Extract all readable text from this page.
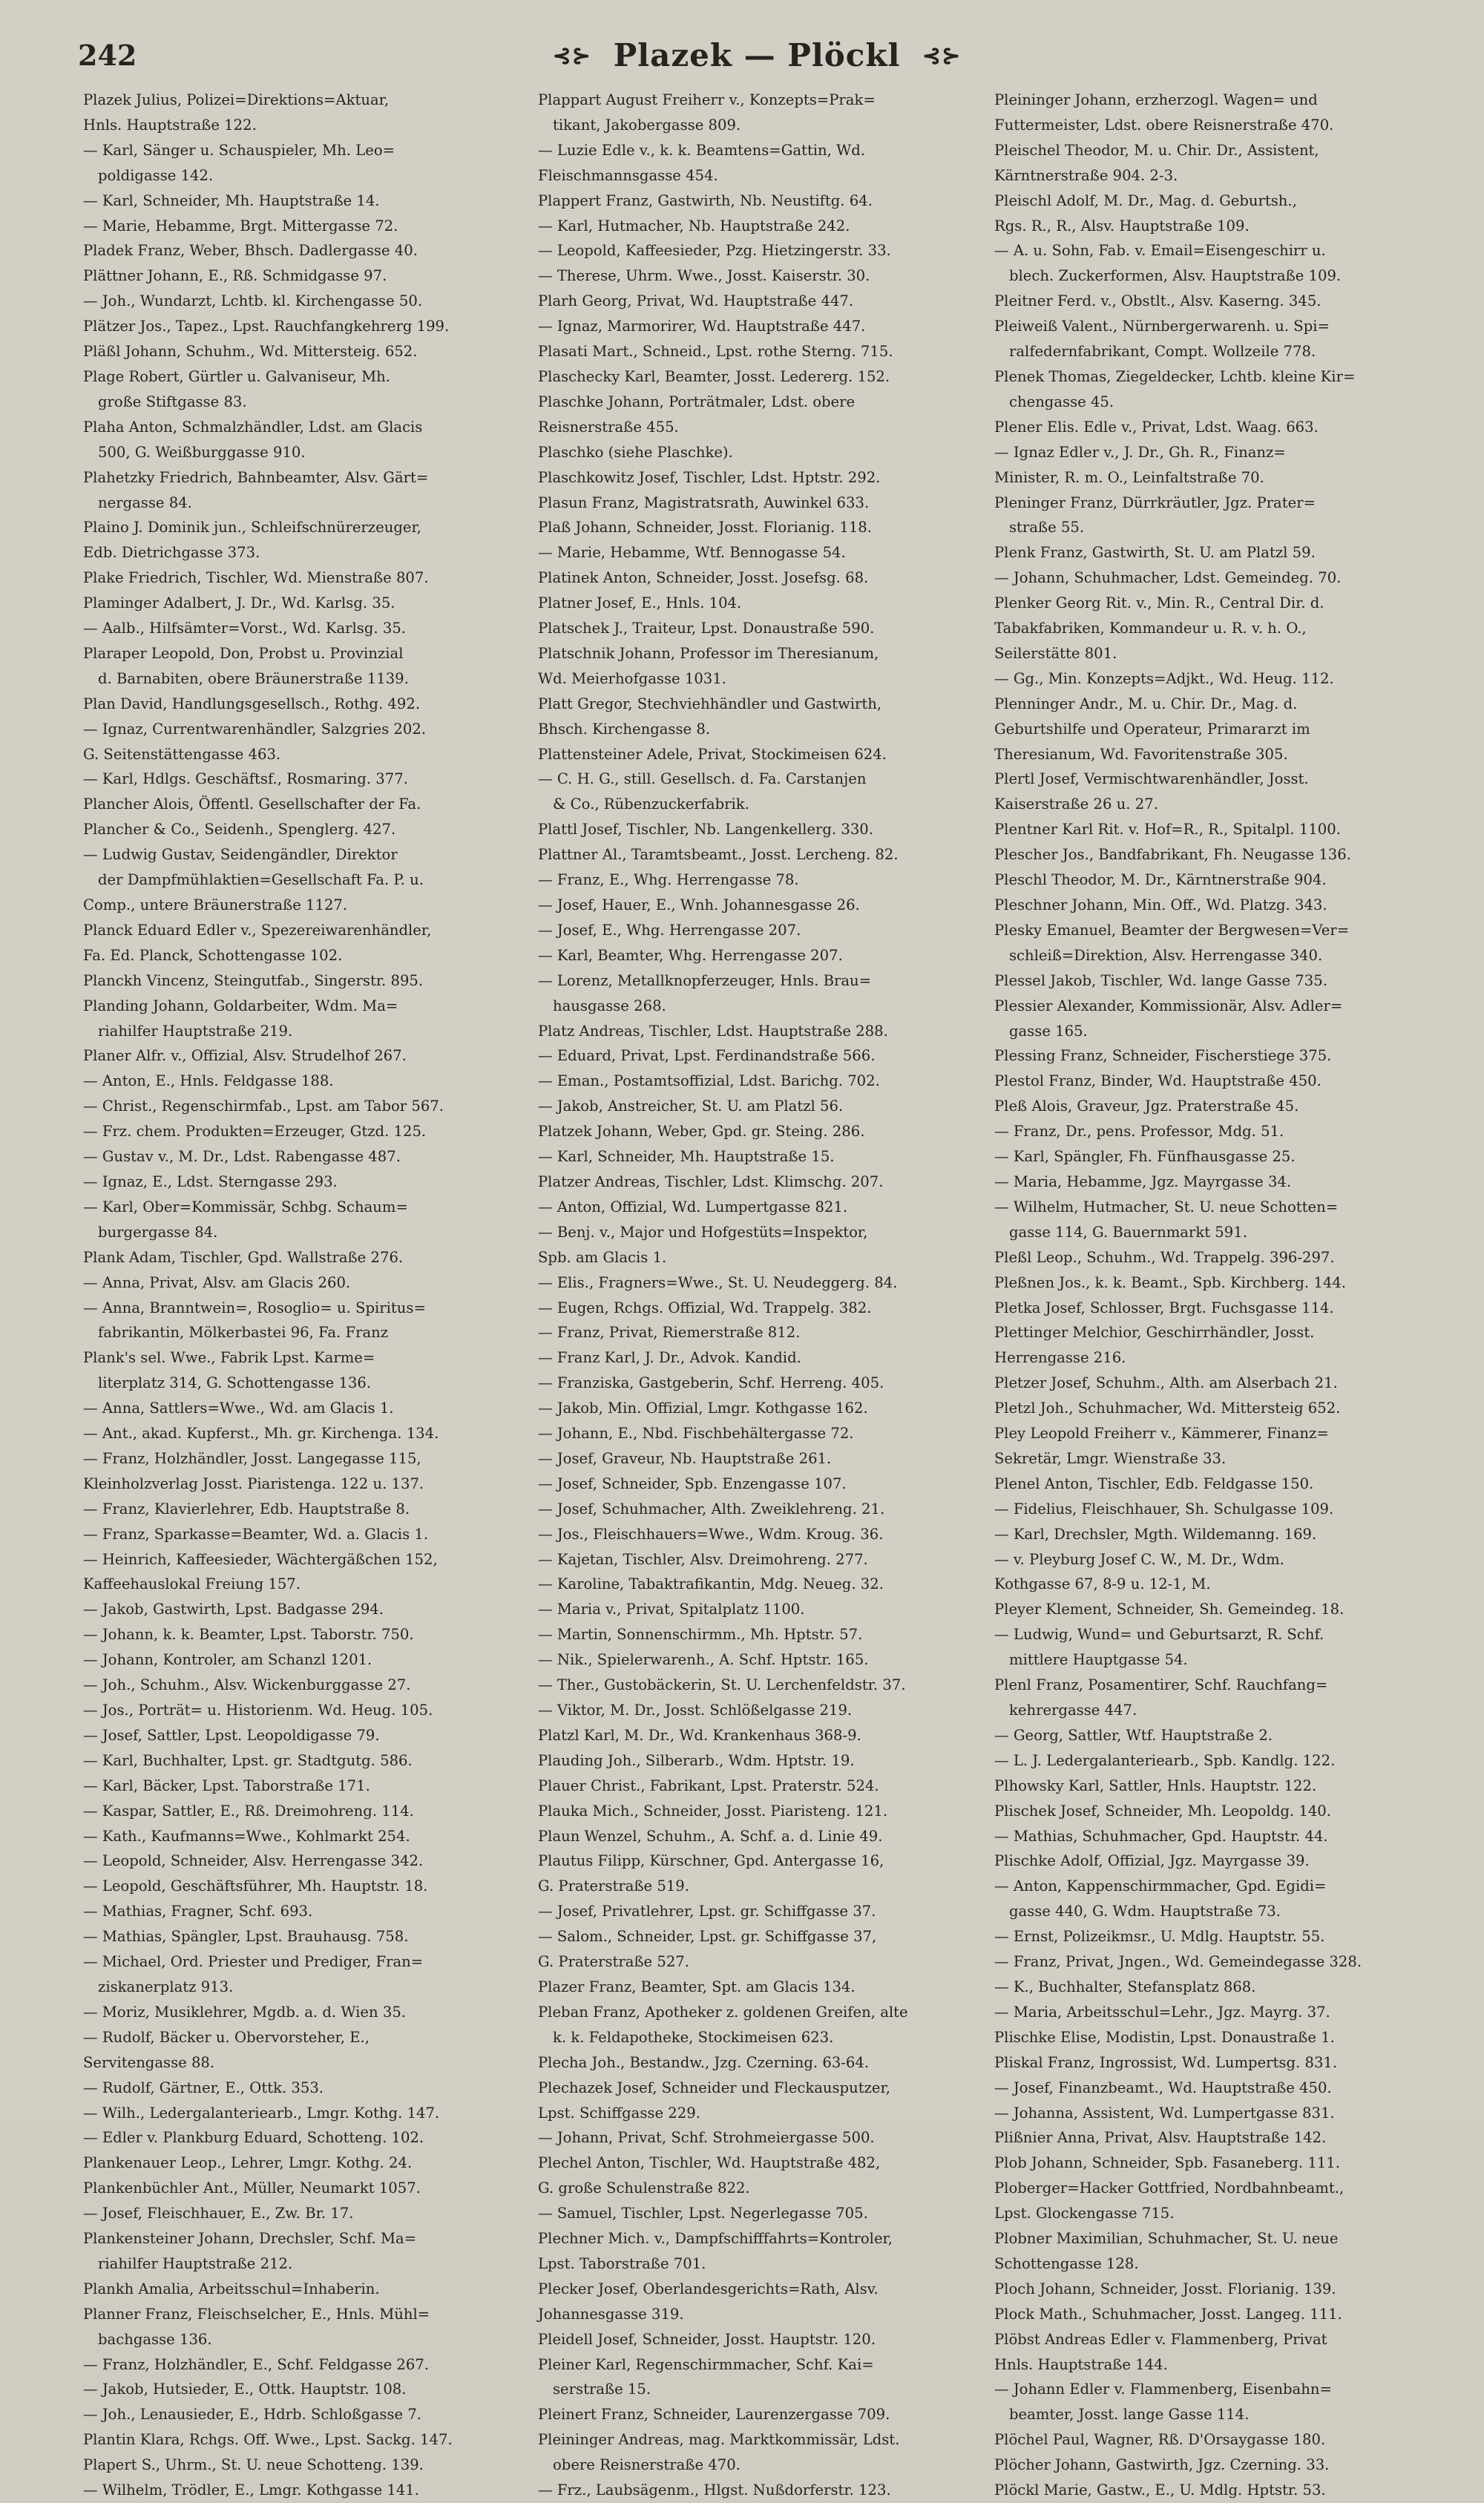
242	⊰⊱ Plazek — Plöckl ⊰⊱
Plazek Julius, Polizei=Direktions=Aktuar,
Hnls. Hauptstraße 122.
— Karl, Sänger u. Schauspieler, Mh. Leo=
poldigasse 142.
— Karl, Schneider, Mh. Hauptstraße 14.
— Marie, Hebamme, Brgt. Mittergasse 72.
Pladek Franz, Weber, Bhsch. Dadlergasse 40.
Plättner Johann, E., Rß. Schmidgasse 97.
— Joh., Wundarzt, Lchtb. kl. Kirchengasse 50.
Plätzer Jos., Tapez., Lpst. Rauchfangkehrerg 199.
Pläßl Johann, Schuhm., Wd. Mittersteig. 652.
Plage Robert, Gürtler u. Galvaniseur, Mh.
große Stiftgasse 83.
Plaha Anton, Schmalzhändler, Ldst. am Glacis
500, G. Weißburggasse 910.
Plahetzky Friedrich, Bahnbeamter, Alsv. Gärt=
nergasse 84.
Plaino J. Dominik jun., Schleifschnürerzeuger,
Edb. Dietrichgasse 373.
Plake Friedrich, Tischler, Wd. Mienstraße 807.
Plaminger Adalbert, J. Dr., Wd. Karlsg. 35.
— Aalb., Hilfsämter=Vorst., Wd. Karlsg. 35.
Plaraper Leopold, Don, Probst u. Provinzial
d. Barnabiten, obere Bräunerstraße 1139.
Plan David, Handlungsgesellsch., Rothg. 492.
— Ignaz, Currentwarenhändler, Salzgries 202.
G. Seitenstättengasse 463.
— Karl, Hdlgs. Geschäftsf., Rosmaring. 377.
Plancher Alois, Öffentl. Gesellschafter der Fa.
Plancher & Co., Seidenh., Spenglerg. 427.
— Ludwig Gustav, Seidengändler, Direktor
der Dampfmühlaktien=Gesellschaft Fa. P. u.
Comp., untere Bräunerstraße 1127.
Planck Eduard Edler v., Spezereiwarenhändler,
Fa. Ed. Planck, Schottengasse 102.
Planckh Vincenz, Steingutfab., Singerstr. 895.
Planding Johann, Goldarbeiter, Wdm. Ma=
riahilfer Hauptstraße 219.
Planer Alfr. v., Offizial, Alsv. Strudelhof 267.
— Anton, E., Hnls. Feldgasse 188.
— Christ., Regenschirmfab., Lpst. am Tabor 567.
— Frz. chem. Produkten=Erzeuger, Gtzd. 125.
— Gustav v., M. Dr., Ldst. Rabengasse 487.
— Ignaz, E., Ldst. Sterngasse 293.
— Karl, Ober=Kommissär, Schbg. Schaum=
burgergasse 84.
Plank Adam, Tischler, Gpd. Wallstraße 276.
— Anna, Privat, Alsv. am Glacis 260.
— Anna, Branntwein=, Rosoglio= u. Spiritus=
fabrikantin, Mölkerbastei 96, Fa. Franz
Plank's sel. Wwe., Fabrik Lpst. Karme=
literplatz 314, G. Schottengasse 136.
— Anna, Sattlers=Wwe., Wd. am Glacis 1.
— Ant., akad. Kupferst., Mh. gr. Kirchenga. 134.
— Franz, Holzhändler, Josst. Langegasse 115,
Kleinholzverlag Josst. Piaristenga. 122 u. 137.
— Franz, Klavierlehrer, Edb. Hauptstraße 8.
— Franz, Sparkasse=Beamter, Wd. a. Glacis 1.
— Heinrich, Kaffeesieder, Wächtergäßchen 152,
Kaffeehauslokal Freiung 157.
— Jakob, Gastwirth, Lpst. Badgasse 294.
— Johann, k. k. Beamter, Lpst. Taborstr. 750.
— Johann, Kontroler, am Schanzl 1201.
— Joh., Schuhm., Alsv. Wickenburggasse 27.
— Jos., Porträt= u. Historienm. Wd. Heug. 105.
— Josef, Sattler, Lpst. Leopoldigasse 79.
— Karl, Buchhalter, Lpst. gr. Stadtgutg. 586.
— Karl, Bäcker, Lpst. Taborstraße 171.
— Kaspar, Sattler, E., Rß. Dreimohreng. 114.
— Kath., Kaufmanns=Wwe., Kohlmarkt 254.
— Leopold, Schneider, Alsv. Herrengasse 342.
— Leopold, Geschäftsführer, Mh. Hauptstr. 18.
— Mathias, Fragner, Schf. 693.
— Mathias, Spängler, Lpst. Brauhausg. 758.
— Michael, Ord. Priester und Prediger, Fran=
ziskanerplatz 913.
— Moriz, Musiklehrer, Mgdb. a. d. Wien 35.
— Rudolf, Bäcker u. Obervorsteher, E.,
Servitengasse 88.
— Rudolf, Gärtner, E., Ottk. 353.
— Wilh., Ledergalanteriearb., Lmgr. Kothg. 147.
— Edler v. Plankburg Eduard, Schotteng. 102.
Plankenauer Leop., Lehrer, Lmgr. Kothg. 24.
Plankenbüchler Ant., Müller, Neumarkt 1057.
— Josef, Fleischhauer, E., Zw. Br. 17.
Plankensteiner Johann, Drechsler, Schf. Ma=
riahilfer Hauptstraße 212.
Plankh Amalia, Arbeitsschul=Inhaberin.
Planner Franz, Fleischselcher, E., Hnls. Mühl=
bachgasse 136.
— Franz, Holzhändler, E., Schf. Feldgasse 267.
— Jakob, Hutsieder, E., Ottk. Hauptstr. 108.
— Joh., Lenausieder, E., Hdrb. Schloßgasse 7.
Plantin Klara, Rchgs. Off. Wwe., Lpst. Sackg. 147.
Plapert S., Uhrm., St. U. neue Schotteng. 139.
— Wilhelm, Trödler, E., Lmgr. Kothgasse 141.
Plappart August Freiherr v., Konzepts=Prak=
tikant, Jakobergasse 809.
— Luzie Edle v., k. k. Beamtens=Gattin, Wd.
Fleischmannsgasse 454.
Plappert Franz, Gastwirth, Nb. Neustiftg. 64.
— Karl, Hutmacher, Nb. Hauptstraße 242.
— Leopold, Kaffeesieder, Pzg. Hietzingerstr. 33.
— Therese, Uhrm. Wwe., Josst. Kaiserstr. 30.
Plarh Georg, Privat, Wd. Hauptstraße 447.
— Ignaz, Marmorirer, Wd. Hauptstraße 447.
Plasati Mart., Schneid., Lpst. rothe Sterng. 715.
Plaschecky Karl, Beamter, Josst. Ledererg. 152.
Plaschke Johann, Porträtmaler, Ldst. obere
Reisnerstraße 455.
Plaschko (siehe Plaschke).
Plaschkowitz Josef, Tischler, Ldst. Hptstr. 292.
Plasun Franz, Magistratsrath, Auwinkel 633.
Plaß Johann, Schneider, Josst. Florianig. 118.
— Marie, Hebamme, Wtf. Bennogasse 54.
Platinek Anton, Schneider, Josst. Josefsg. 68.
Platner Josef, E., Hnls. 104.
Platschek J., Traiteur, Lpst. Donaustraße 590.
Platschnik Johann, Professor im Theresianum,
Wd. Meierhofgasse 1031.
Platt Gregor, Stechviehhändler und Gastwirth,
Bhsch. Kirchengasse 8.
Plattensteiner Adele, Privat, Stockimeisen 624.
— C. H. G., still. Gesellsch. d. Fa. Carstanjen
& Co., Rübenzuckerfabrik.
Plattl Josef, Tischler, Nb. Langenkellerg. 330.
Plattner Al., Taramtsbeamt., Josst. Lercheng. 82.
— Franz, E., Whg. Herrengasse 78.
— Josef, Hauer, E., Wnh. Johannesgasse 26.
— Josef, E., Whg. Herrengasse 207.
— Karl, Beamter, Whg. Herrengasse 207.
— Lorenz, Metallknopferzeuger, Hnls. Brau=
hausgasse 268.
Platz Andreas, Tischler, Ldst. Hauptstraße 288.
— Eduard, Privat, Lpst. Ferdinandstraße 566.
— Eman., Postamtsoffizial, Ldst. Barichg. 702.
— Jakob, Anstreicher, St. U. am Platzl 56.
Platzek Johann, Weber, Gpd. gr. Steing. 286.
— Karl, Schneider, Mh. Hauptstraße 15.
Platzer Andreas, Tischler, Ldst. Klimschg. 207.
— Anton, Offizial, Wd. Lumpertgasse 821.
— Benj. v., Major und Hofgestüts=Inspektor,
Spb. am Glacis 1.
— Elis., Fragners=Wwe., St. U. Neudeggerg. 84.
— Eugen, Rchgs. Offizial, Wd. Trappelg. 382.
— Franz, Privat, Riemerstraße 812.
— Franz Karl, J. Dr., Advok. Kandid.
— Franziska, Gastgeberin, Schf. Herreng. 405.
— Jakob, Min. Offizial, Lmgr. Kothgasse 162.
— Johann, E., Nbd. Fischbehältergasse 72.
— Josef, Graveur, Nb. Hauptstraße 261.
— Josef, Schneider, Spb. Enzengasse 107.
— Josef, Schuhmacher, Alth. Zweiklehreng. 21.
— Jos., Fleischhauers=Wwe., Wdm. Kroug. 36.
— Kajetan, Tischler, Alsv. Dreimohreng. 277.
— Karoline, Tabaktrafikantin, Mdg. Neueg. 32.
— Maria v., Privat, Spitalplatz 1100.
— Martin, Sonnenschirmm., Mh. Hptstr. 57.
— Nik., Spielerwarenh., A. Schf. Hptstr. 165.
— Ther., Gustobäckerin, St. U. Lerchenfeldstr. 37.
— Viktor, M. Dr., Josst. Schlößelgasse 219.
Platzl Karl, M. Dr., Wd. Krankenhaus 368-9.
Plauding Joh., Silberarb., Wdm. Hptstr. 19.
Plauer Christ., Fabrikant, Lpst. Praterstr. 524.
Plauka Mich., Schneider, Josst. Piaristeng. 121.
Plaun Wenzel, Schuhm., A. Schf. a. d. Linie 49.
Plautus Filipp, Kürschner, Gpd. Antergasse 16,
G. Praterstraße 519.
— Josef, Privatlehrer, Lpst. gr. Schiffgasse 37.
— Salom., Schneider, Lpst. gr. Schiffgasse 37,
G. Praterstraße 527.
Plazer Franz, Beamter, Spt. am Glacis 134.
Pleban Franz, Apotheker z. goldenen Greifen, alte
k. k. Feldapotheke, Stockimeisen 623.
Plecha Joh., Bestandw., Jzg. Czerning. 63-64.
Plechazek Josef, Schneider und Fleckausputzer,
Lpst. Schiffgasse 229.
— Johann, Privat, Schf. Strohmeiergasse 500.
Plechel Anton, Tischler, Wd. Hauptstraße 482,
G. große Schulenstraße 822.
— Samuel, Tischler, Lpst. Negerlegasse 705.
Plechner Mich. v., Dampfschifffahrts=Kontroler,
Lpst. Taborstraße 701.
Plecker Josef, Oberlandesgerichts=Rath, Alsv.
Johannesgasse 319.
Pleidell Josef, Schneider, Josst. Hauptstr. 120.
Pleiner Karl, Regenschirmmacher, Schf. Kai=
serstraße 15.
Pleinert Franz, Schneider, Laurenzergasse 709.
Pleininger Andreas, mag. Marktkommissär, Ldst.
obere Reisnerstraße 470.
— Frz., Laubsägenm., Hlgst. Nußdorferstr. 123.
Pleininger Johann, erzherzogl. Wagen= und
Futtermeister, Ldst. obere Reisnerstraße 470.
Pleischel Theodor, M. u. Chir. Dr., Assistent,
Kärntnerstraße 904. 2-3.
Pleischl Adolf, M. Dr., Mag. d. Geburtsh.,
Rgs. R., R., Alsv. Hauptstraße 109.
— A. u. Sohn, Fab. v. Email=Eisengeschirr u.
blech. Zuckerformen, Alsv. Hauptstraße 109.
Pleitner Ferd. v., Obstlt., Alsv. Kaserng. 345.
Pleiweiß Valent., Nürnbergerwarenh. u. Spi=
ralfedernfabrikant, Compt. Wollzeile 778.
Plenek Thomas, Ziegeldecker, Lchtb. kleine Kir=
chengasse 45.
Plener Elis. Edle v., Privat, Ldst. Waag. 663.
— Ignaz Edler v., J. Dr., Gh. R., Finanz=
Minister, R. m. O., Leinfaltstraße 70.
Pleninger Franz, Dürrkräutler, Jgz. Prater=
straße 55.
Plenk Franz, Gastwirth, St. U. am Platzl 59.
— Johann, Schuhmacher, Ldst. Gemeindeg. 70.
Plenker Georg Rit. v., Min. R., Central Dir. d.
Tabakfabriken, Kommandeur u. R. v. h. O.,
Seilerstätte 801.
— Gg., Min. Konzepts=Adjkt., Wd. Heug. 112.
Plenninger Andr., M. u. Chir. Dr., Mag. d.
Geburtshilfe und Operateur, Primararzt im
Theresianum, Wd. Favoritenstraße 305.
Plertl Josef, Vermischtwarenhändler, Josst.
Kaiserstraße 26 u. 27.
Plentner Karl Rit. v. Hof=R., R., Spitalpl. 1100.
Plescher Jos., Bandfabrikant, Fh. Neugasse 136.
Pleschl Theodor, M. Dr., Kärntnerstraße 904.
Pleschner Johann, Min. Off., Wd. Platzg. 343.
Plesky Emanuel, Beamter der Bergwesen=Ver=
schleiß=Direktion, Alsv. Herrengasse 340.
Plessel Jakob, Tischler, Wd. lange Gasse 735.
Plessier Alexander, Kommissionär, Alsv. Adler=
gasse 165.
Plessing Franz, Schneider, Fischerstiege 375.
Plestol Franz, Binder, Wd. Hauptstraße 450.
Pleß Alois, Graveur, Jgz. Praterstraße 45.
— Franz, Dr., pens. Professor, Mdg. 51.
— Karl, Spängler, Fh. Fünfhausgasse 25.
— Maria, Hebamme, Jgz. Mayrgasse 34.
— Wilhelm, Hutmacher, St. U. neue Schotten=
gasse 114, G. Bauernmarkt 591.
Pleßl Leop., Schuhm., Wd. Trappelg. 396-297.
Pleßnen Jos., k. k. Beamt., Spb. Kirchberg. 144.
Pletka Josef, Schlosser, Brgt. Fuchsgasse 114.
Plettinger Melchior, Geschirrhändler, Josst.
Herrengasse 216.
Pletzer Josef, Schuhm., Alth. am Alserbach 21.
Pletzl Joh., Schuhmacher, Wd. Mittersteig 652.
Pley Leopold Freiherr v., Kämmerer, Finanz=
Sekretär, Lmgr. Wienstraße 33.
Plenel Anton, Tischler, Edb. Feldgasse 150.
— Fidelius, Fleischhauer, Sh. Schulgasse 109.
— Karl, Drechsler, Mgth. Wildemanng. 169.
— v. Pleyburg Josef C. W., M. Dr., Wdm.
Kothgasse 67, 8-9 u. 12-1, M.
Pleyer Klement, Schneider, Sh. Gemeindeg. 18.
— Ludwig, Wund= und Geburtsarzt, R. Schf.
mittlere Hauptgasse 54.
Plenl Franz, Posamentirer, Schf. Rauchfang=
kehrergasse 447.
— Georg, Sattler, Wtf. Hauptstraße 2.
— L. J. Ledergalanteriearb., Spb. Kandlg. 122.
Plhowsky Karl, Sattler, Hnls. Hauptstr. 122.
Plischek Josef, Schneider, Mh. Leopoldg. 140.
— Mathias, Schuhmacher, Gpd. Hauptstr. 44.
Plischke Adolf, Offizial, Jgz. Mayrgasse 39.
— Anton, Kappenschirmmacher, Gpd. Egidi=
gasse 440, G. Wdm. Hauptstraße 73.
— Ernst, Polizeikmsr., U. Mdlg. Hauptstr. 55.
— Franz, Privat, Jngen., Wd. Gemeindegasse 328.
— K., Buchhalter, Stefansplatz 868.
— Maria, Arbeitsschul=Lehr., Jgz. Mayrg. 37.
Plischke Elise, Modistin, Lpst. Donaustraße 1.
Pliskal Franz, Ingrossist, Wd. Lumpertsg. 831.
— Josef, Finanzbeamt., Wd. Hauptstraße 450.
— Johanna, Assistent, Wd. Lumpertgasse 831.
Plißnier Anna, Privat, Alsv. Hauptstraße 142.
Plob Johann, Schneider, Spb. Fasaneberg. 111.
Ploberger=Hacker Gottfried, Nordbahnbeamt.,
Lpst. Glockengasse 715.
Plobner Maximilian, Schuhmacher, St. U. neue
Schottengasse 128.
Ploch Johann, Schneider, Josst. Florianig. 139.
Plock Math., Schuhmacher, Josst. Langeg. 111.
Plöbst Andreas Edler v. Flammenberg, Privat
Hnls. Hauptstraße 144.
— Johann Edler v. Flammenberg, Eisenbahn=
beamter, Josst. lange Gasse 114.
Plöchel Paul, Wagner, Rß. D'Orsaygasse 180.
Plöcher Johann, Gastwirth, Jgz. Czerning. 33.
Plöckl Marie, Gastw., E., U. Mdlg. Hptstr. 53.
